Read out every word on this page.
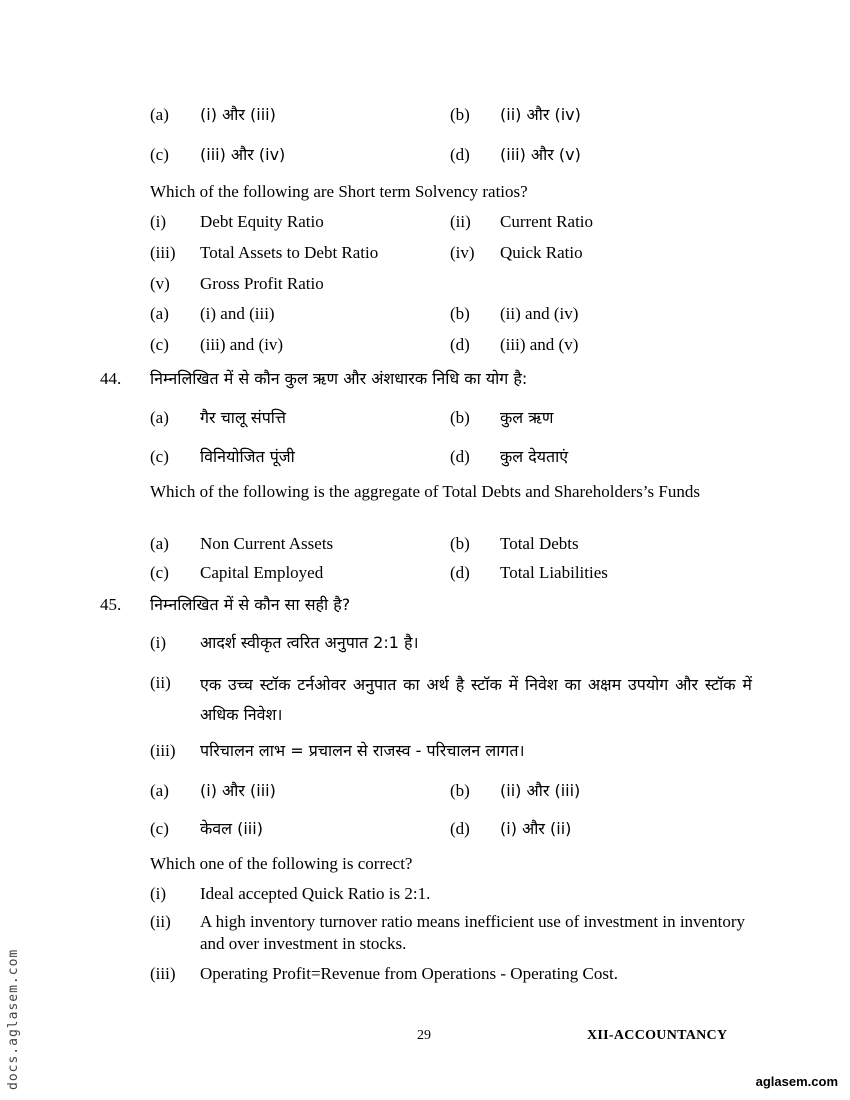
(a) (i) और (iii)	(b) (ii) और (iv)
(c) (iii) और (iv)	(d) (iii) और (v)
Which of the following are Short term Solvency ratios?
(i) Debt Equity Ratio	(ii) Current Ratio
(iii) Total Assets to Debt Ratio	(iv) Quick Ratio
(v) Gross Profit Ratio
(a) (i) and (iii)	(b) (ii) and (iv)
(c) (iii) and (iv)	(d) (iii) and (v)
44. निम्नलिखित में से कौन कुल ऋण और अंशधारक निधि का योग है:
(a) गैर चालू संपत्ति	(b) कुल ऋण
(c) विनियोजित पूंजी	(d) कुल देयताएं
Which of the following is the aggregate of Total Debts and Shareholders’s Funds
(a) Non Current Assets	(b) Total Debts
(c) Capital Employed	(d) Total Liabilities
45. निम्नलिखित में से कौन सा सही है?
(i) आदर्श स्वीकृत त्वरित अनुपात 2:1 है।
(ii) एक उच्च स्टॉक टर्नओवर अनुपात का अर्थ है स्टॉक में निवेश का अक्षम उपयोग और स्टॉक में अधिक निवेश।
(iii) परिचालन लाभ = प्रचालन से राजस्व - परिचालन लागत।
(a) (i) और (iii)	(b) (ii) और (iii)
(c) केवल (iii)	(d) (i) और (ii)
Which one of the following is correct?
(i) Ideal accepted Quick Ratio is 2:1.
(ii) A high inventory turnover ratio means inefficient use of investment in inventory and over investment in stocks.
(iii) Operating Profit=Revenue from Operations - Operating Cost.
29	XII-ACCOUNTANCY
docs.aglasem.com	aglasem.com
